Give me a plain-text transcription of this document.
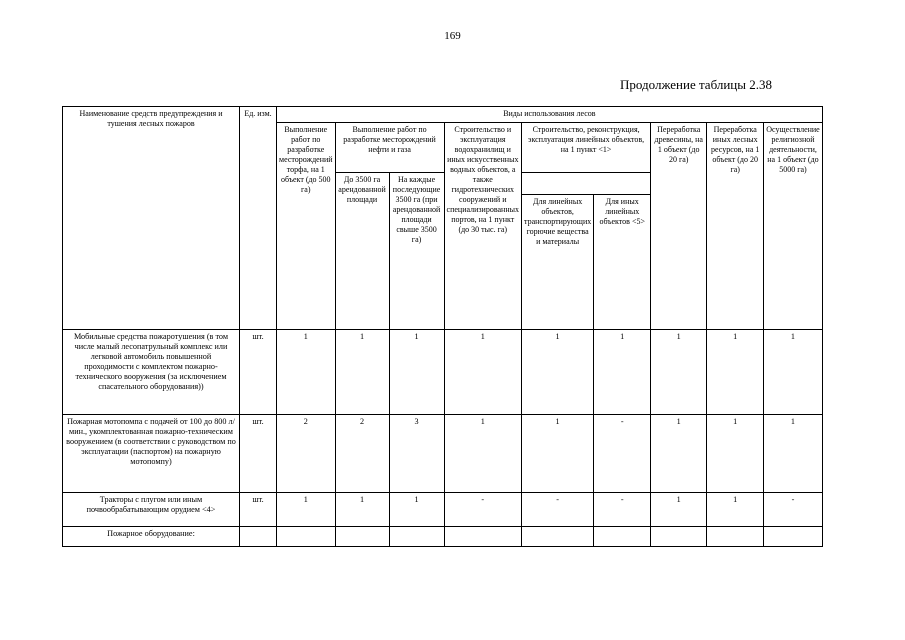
169
Продолжение таблицы 2.38
Наименование средств предупреждения и тушения лесных пожаров	Ед. изм.	Виды использования лесов								
		Выполнение работ по разработке месторождений торфа, на 1 объект (до 500 га)	Выполнение работ по разработке месторождений нефти и газа		Строительство и эксплуатация водохранилищ и иных искусственных водных объектов, а также гидротехнических сооружений и специализированных портов, на 1 пункт (до 30 тыс. га)	Строительство, реконструкция, эксплуатация линейных объектов, на 1 пункт <1>		Переработка древесины, на 1 объект (до 20 га)	Переработка иных лесных ресурсов, на 1 объект (до 20 га)	Осуществление религиозной деятельности, на 1 объект (до 5000 га)
			До 3500 га арендованной площади	На каждые последующие 3500 га (при арендованной площади свыше 3500 га)						
						Для линейных объектов, транспортирующих горючие вещества и материалы	Для иных линейных объектов <5>			
Мобильные средства пожаротушения (в том числе малый лесопатрульный комплекс или легковой автомобиль повышенной проходимости с комплектом пожарно-технического вооружения (за исключением спасательного оборудования))	шт.	1	1	1	1	1	1	1	1	1
Пожарная мотопомпа с подачей от 100 до 800 л/мин., укомплектованная пожарно-техническим вооружением (в соответствии с руководством по эксплуатации (паспортом) на пожарную мотопомпу)	шт.	2	2	3	1	1	-	1	1	1
Тракторы с плугом или иным почвообрабатывающим орудием <4>	шт.	1	1	1	-	-	-	1	1	-
Пожарное оборудование:										
